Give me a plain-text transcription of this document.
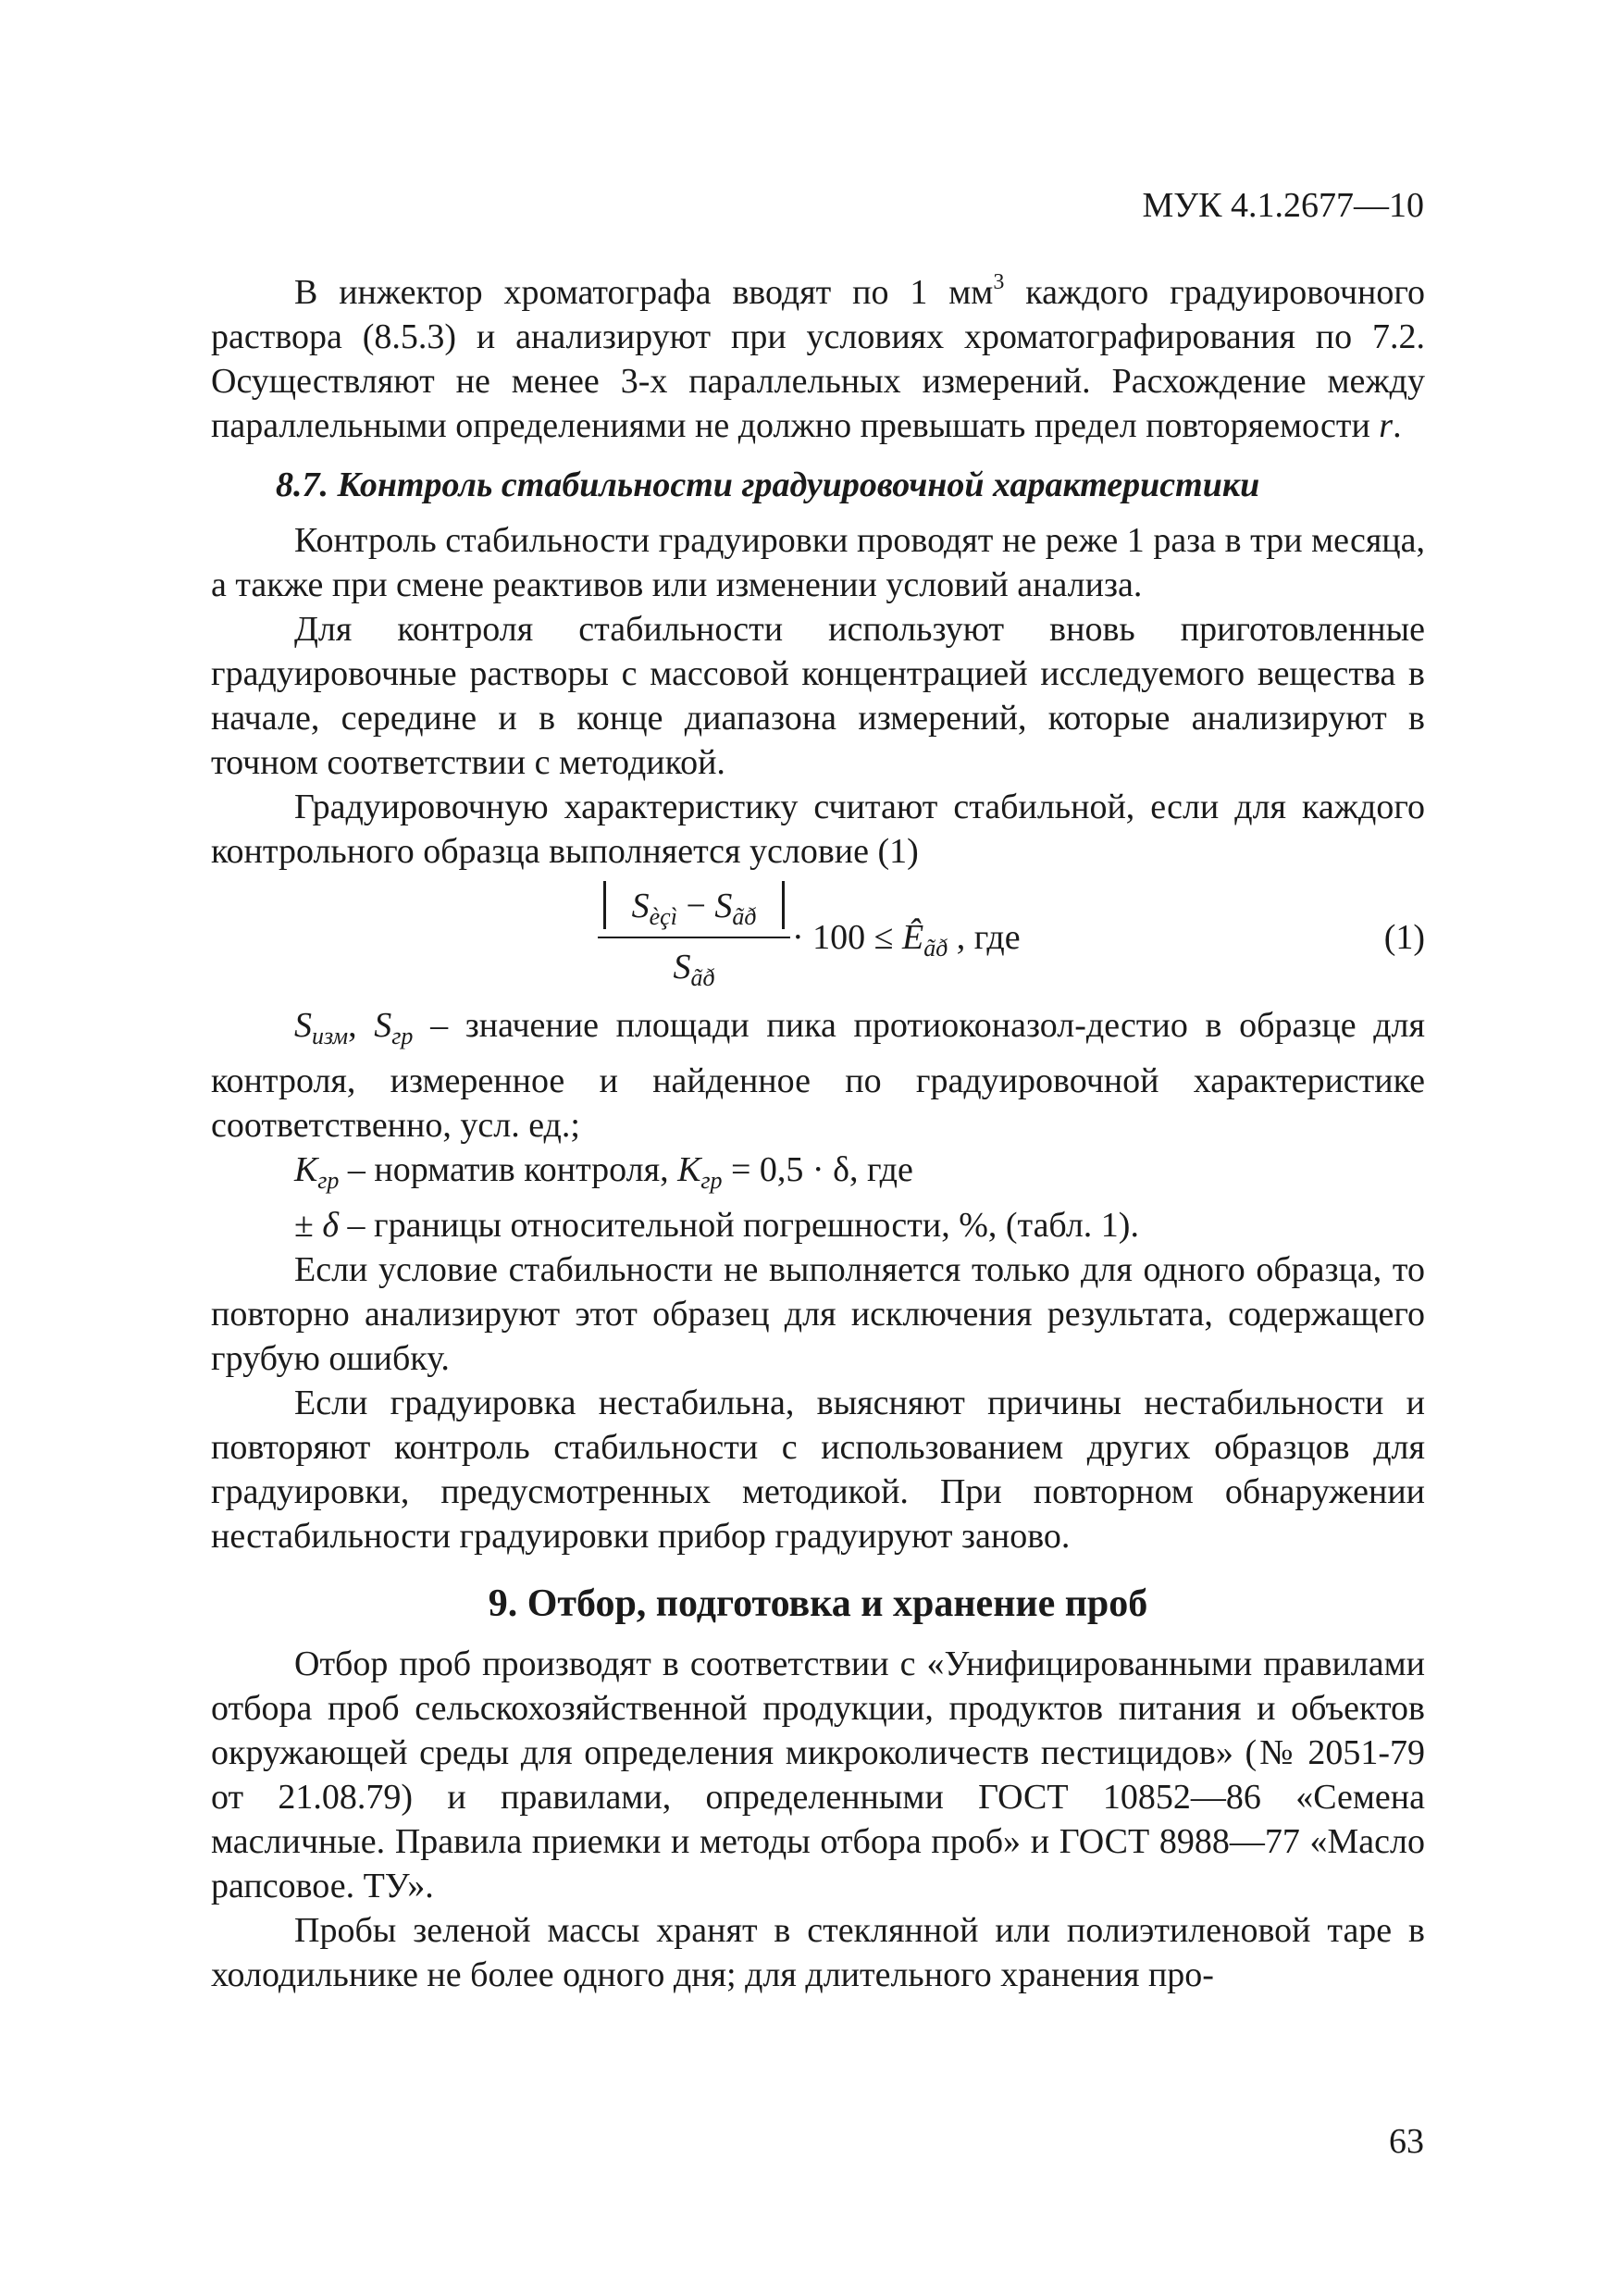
МУК 4.1.2677—10

В инжектор хроматографа вводят по 1 $мм^3$ каждого градуировочного раствора (8.5.3) и анализируют при условиях хроматографирования по 7.2. Осуществляют не менее 3-х параллельных измерений. Расхождение между параллельными определениями не должно превышать предел повторяемости r.

8.7. Контроль стабильности градуировочной характеристики

Контроль стабильности градуировки проводят не реже 1 раза в три месяца, а также при смене реактивов или изменении условий анализа.

Для контроля стабильности используют вновь приготовленные градуировочные растворы с массовой концентрацией исследуемого вещества в начале, середине и в конце диапазона измерений, которые анализируют в точном соответствии с методикой.

Градуировочную характеристику считают стабильной, если для каждого контрольного образца выполняется условие (1)

$S_{èçì} - S_{ãð}$
$S_{ãð}$
· $100 \le Ê_{ãð}$ , где	(1)

$S_{изм}$, $S_{гр}$ – значение площади пика протиоконазол-дестио в образце для контроля, измеренное и найденное по градуировочной характеристике соответственно, усл. ед.;

$К_{гр}$ – норматив контроля, $К_{гр} = 0,5 \cdot \delta$, где

± δ – границы относительной погрешности, %, (табл. 1).

Если условие стабильности не выполняется только для одного образца, то повторно анализируют этот образец для исключения результата, содержащего грубую ошибку.

Если градуировка нестабильна, выясняют причины нестабильности и повторяют контроль стабильности с использованием других образцов для градуировки, предусмотренных методикой. При повторном обнаружении нестабильности градуировки прибор градуируют заново.

9. Отбор, подготовка и хранение проб

Отбор проб производят в соответствии с «Унифицированными правилами отбора проб сельскохозяйственной продукции, продуктов питания и объектов окружающей среды для определения микроколичеств пестицидов» (№ 2051-79 от 21.08.79) и правилами, определенными ГОСТ 10852—86 «Семена масличные. Правила приемки и методы отбора проб» и ГОСТ 8988—77 «Масло рапсовое. ТУ».

Пробы зеленой массы хранят в стеклянной или полиэтиленовой таре в холодильнике не более одного дня; для длительного хранения про-

63
